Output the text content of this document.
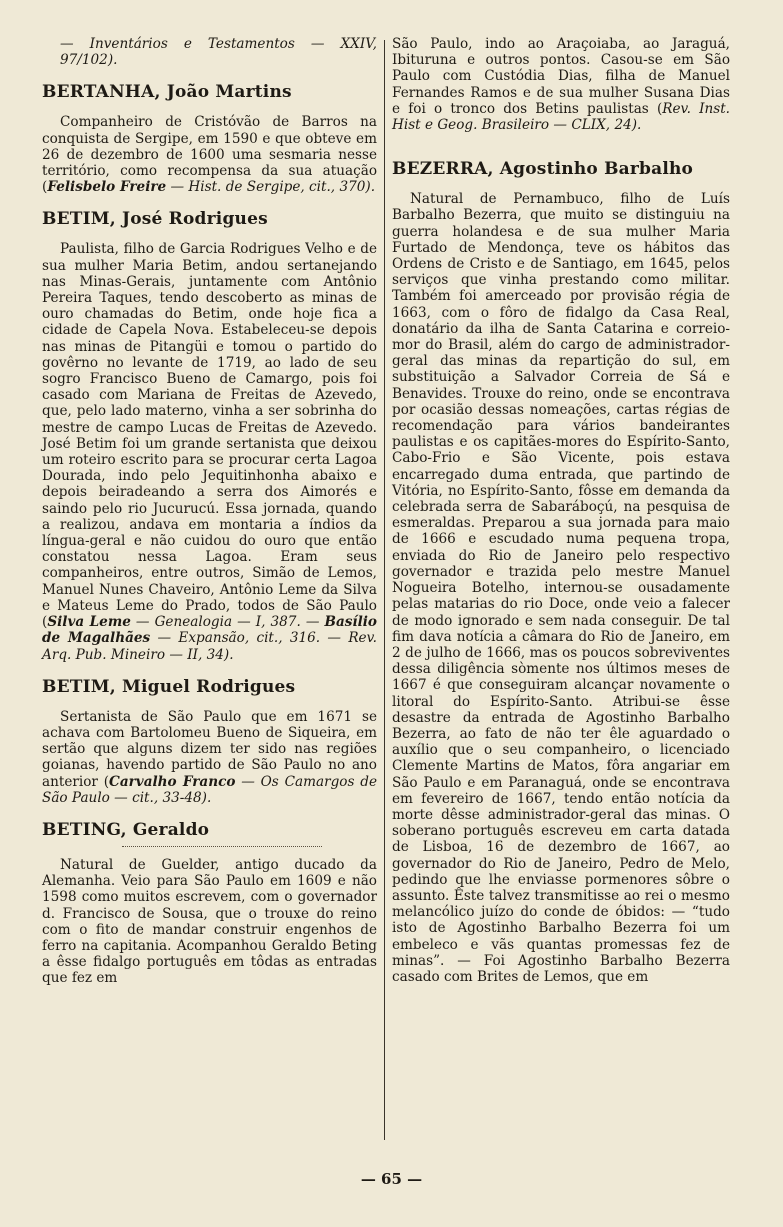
— Inventários e Testamentos — XXIV, 97/102).

BERTANHA, João Martins

Companheiro de Cristóvão de Barros na conquista de Sergipe, em 1590 e que obteve em 26 de dezembro de 1600 uma sesmaria nesse território, como recompensa da sua atuação (Felisbelo Freire — Hist. de Sergipe, cit., 370).

BETIM, José Rodrigues

Paulista, filho de Garcia Rodrigues Velho e de sua mulher Maria Betim, andou sertanejando nas Minas-Gerais, juntamente com Antônio Pereira Taques, tendo descoberto as minas de ouro chamadas do Betim, onde hoje fica a cidade de Capela Nova. Estabeleceu-se depois nas minas de Pitangüi e tomou o partido do govêrno no levante de 1719, ao lado de seu sogro Francisco Bueno de Camargo, pois foi casado com Mariana de Freitas de Azevedo, que, pelo lado materno, vinha a ser sobrinha do mestre de campo Lucas de Freitas de Azevedo. José Betim foi um grande sertanista que deixou um roteiro escrito para se procurar certa Lagoa Dourada, indo pelo Jequitinhonha abaixo e depois beiradeando a serra dos Aimorés e saindo pelo rio Jucurucú. Essa jornada, quando a realizou, andava em montaria a índios da língua-geral e não cuidou do ouro que então constatou nessa Lagoa. Eram seus companheiros, entre outros, Simão de Lemos, Manuel Nunes Chaveiro, Antônio Leme da Silva e Mateus Leme do Prado, todos de São Paulo (Silva Leme — Genealogia — I, 387. — Basílio de Magalhães — Expansão, cit., 316. — Rev. Arq. Pub. Mineiro — II, 34).

BETIM, Miguel Rodrigues

Sertanista de São Paulo que em 1671 se achava com Bartolomeu Bueno de Siqueira, em sertão que alguns dizem ter sido nas regiões goianas, havendo partido de São Paulo no ano anterior (Carvalho Franco — Os Camargos de São Paulo — cit., 33-48).

BETING, Geraldo

Natural de Guelder, antigo ducado da Alemanha. Veio para São Paulo em 1609 e não 1598 como muitos escrevem, com o governador d. Francisco de Sousa, que o trouxe do reino com o fito de mandar construir engenhos de ferro na capitania. Acompanhou Geraldo Beting a êsse fidalgo português em tôdas as entradas que fez em

São Paulo, indo ao Araçoiaba, ao Jaraguá, Ibituruna e outros pontos. Casou-se em São Paulo com Custódia Dias, filha de Manuel Fernandes Ramos e de sua mulher Susana Dias e foi o tronco dos Betins paulistas (Rev. Inst. Hist e Geog. Brasileiro — CLIX, 24).

BEZERRA, Agostinho Barbalho

Natural de Pernambuco, filho de Luís Barbalho Bezerra, que muito se distinguiu na guerra holandesa e de sua mulher Maria Furtado de Mendonça, teve os hábitos das Ordens de Cristo e de Santiago, em 1645, pelos serviços que vinha prestando como militar. Também foi amerceado por provisão régia de 1663, com o fôro de fidalgo da Casa Real, donatário da ilha de Santa Catarina e correio-mor do Brasil, além do cargo de administrador-geral das minas da repartição do sul, em substituição a Salvador Correia de Sá e Benavides. Trouxe do reino, onde se encontrava por ocasião dessas nomeações, cartas régias de recomendação para vários bandeirantes paulistas e os capitães-mores do Espírito-Santo, Cabo-Frio e São Vicente, pois estava encarregado duma entrada, que partindo de Vitória, no Espírito-Santo, fôsse em demanda da celebrada serra de Sabaráboçú, na pesquisa de esmeraldas. Preparou a sua jornada para maio de 1666 e escudado numa pequena tropa, enviada do Rio de Janeiro pelo respectivo governador e trazida pelo mestre Manuel Nogueira Botelho, internou-se ousadamente pelas matarias do rio Doce, onde veio a falecer de modo ignorado e sem nada conseguir. De tal fim dava notícia a câmara do Rio de Janeiro, em 2 de julho de 1666, mas os poucos sobreviventes dessa diligência sòmente nos últimos meses de 1667 é que conseguiram alcançar novamente o litoral do Espírito-Santo. Atribui-se êsse desastre da entrada de Agostinho Barbalho Bezerra, ao fato de não ter êle aguardado o auxílio que o seu companheiro, o licenciado Clemente Martins de Matos, fôra angariar em São Paulo e em Paranaguá, onde se encontrava em fevereiro de 1667, tendo então notícia da morte dêsse administrador-geral das minas. O soberano português escreveu em carta datada de Lisboa, 16 de dezembro de 1667, ao governador do Rio de Janeiro, Pedro de Melo, pedindo que lhe enviasse pormenores sôbre o assunto. Êste talvez transmitisse ao rei o mesmo melancólico juízo do conde de óbidos: — “tudo isto de Agostinho Barbalho Bezerra foi um embeleco e vãs quantas promessas fez de minas”. — Foi Agostinho Barbalho Bezerra casado com Brites de Lemos, que em

— 65 —
